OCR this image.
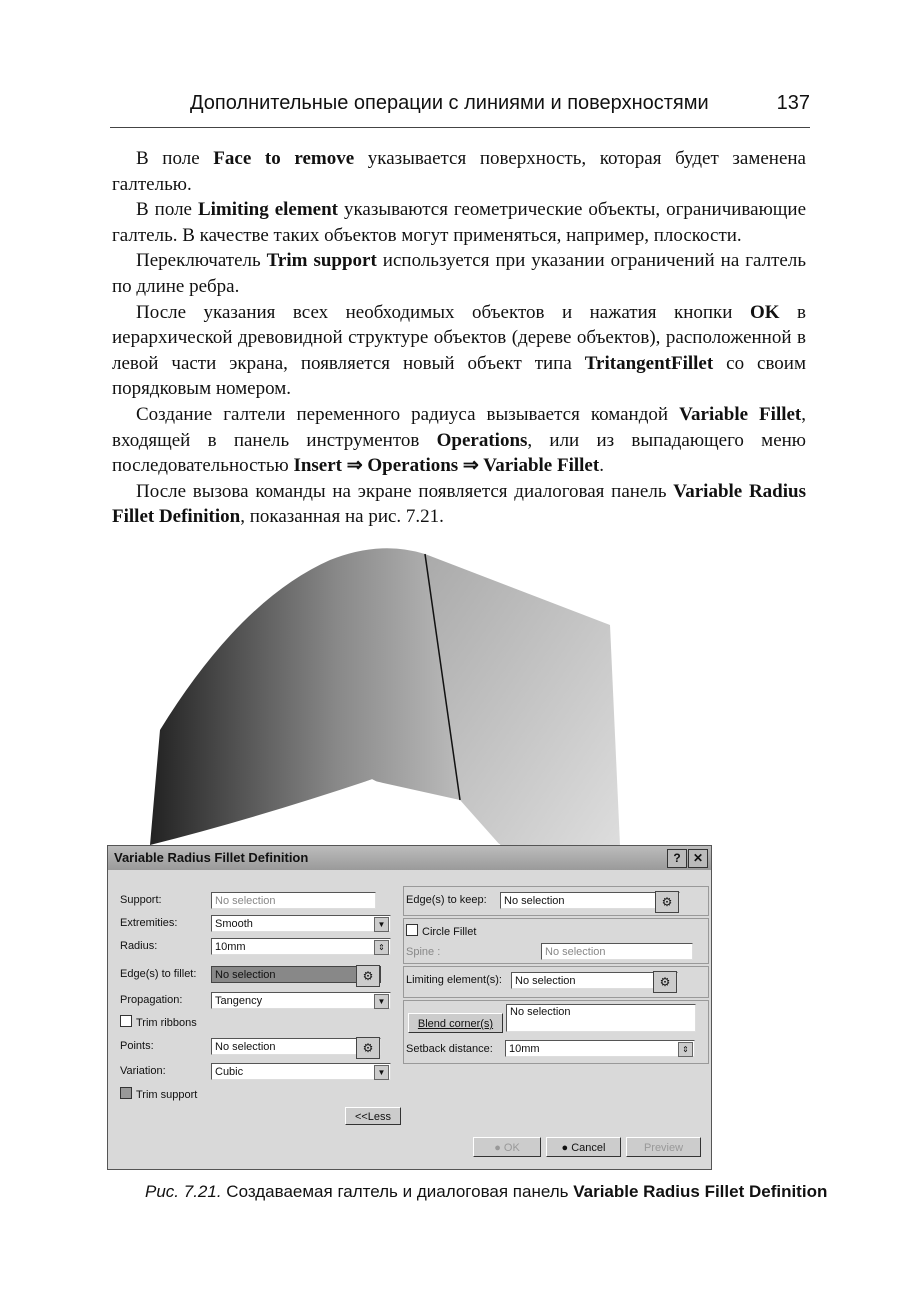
Дополнительные операции с линиями и поверхностями	137

В поле Face to remove указывается поверхность, которая будет заменена галтелью.

В поле Limiting element указываются геометрические объекты, ограничивающие галтель. В качестве таких объектов могут применяться, например, плоскости.

Переключатель Trim support используется при указании ограничений на галтель по длине ребра.

После указания всех необходимых объектов и нажатия кнопки OK в иерархической древовидной структуре объектов (дереве объектов), расположенной в левой части экрана, появляется новый объект типа TritangentFillet со своим порядковым номером.

Создание галтели переменного радиуса вызывается командой Variable Fillet, входящей в панель инструментов Operations, или из выпадающего меню последовательностью Insert ⇒ Operations ⇒ Variable Fillet.

После вызова команды на экране появляется диалоговая панель Variable Radius Fillet Definition, показанная на рис. 7.21.

Variable Radius Fillet Definition	?	✕
Support:	No selection
Extremities:	Smooth	▼
Radius:	10mm	⇕
Edge(s) to fillet:	No selection	⚙
Propagation:	Tangency	▼
Trim ribbons
Points:	No selection	⚙
Variation:	Cubic	▼
Trim support
<<Less
Edge(s) to keep:	No selection	⚙
Circle Fillet
Spine :	No selection
Limiting element(s):	No selection	⚙
Blend corner(s)
No selection
Setback distance:	10mm	⇕
● OK	● Cancel	Preview
Рис. 7.21. Создаваемая галтель и диалоговая панель Variable Radius Fillet Definition
